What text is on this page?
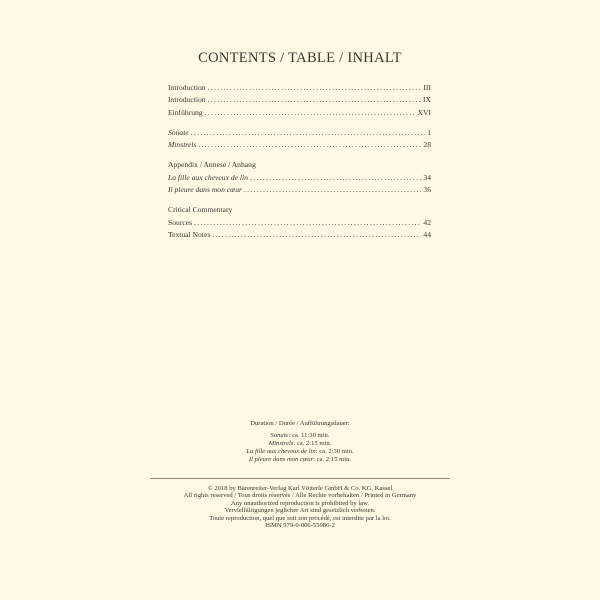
CONTENTS / TABLE / INHALT
Introduction . . .	III
Introduction . . .	IX
Einführung . . .	XVI
Sonate . . .	1
Minstrels . . .	28
Appendix / Annese / Anhang
La fille aux cheveux de lin . . .	34
Il pleure dans mon cœur . . .	36
Critical Commentary
Sources . . .	42
Textual Notes . . .	44
Duration / Durée / Aufführungsdauer:
Sonate: ca. 11:30 min.
Minstrels: ca. 2:15 min.
La fille aux cheveux de lin: ca. 2:30 min.
Il pleure dans mon cœur: ca. 2:15 min.
© 2018 by Bärenreiter-Verlag Karl Vötterle GmbH & Co. KG, Kassel
All rights reserved / Tous droits réservés / Alle Rechte vorbehalten / Printed in Germany
Any unauthorized reproduction is prohibited by law.
Vervielfältigungen jeglicher Art sind gesetzlich verboten.
Toute reproduction, quel que soit son procédé, est interdite par la loi.
ISMN 979-0-006-55986-2
